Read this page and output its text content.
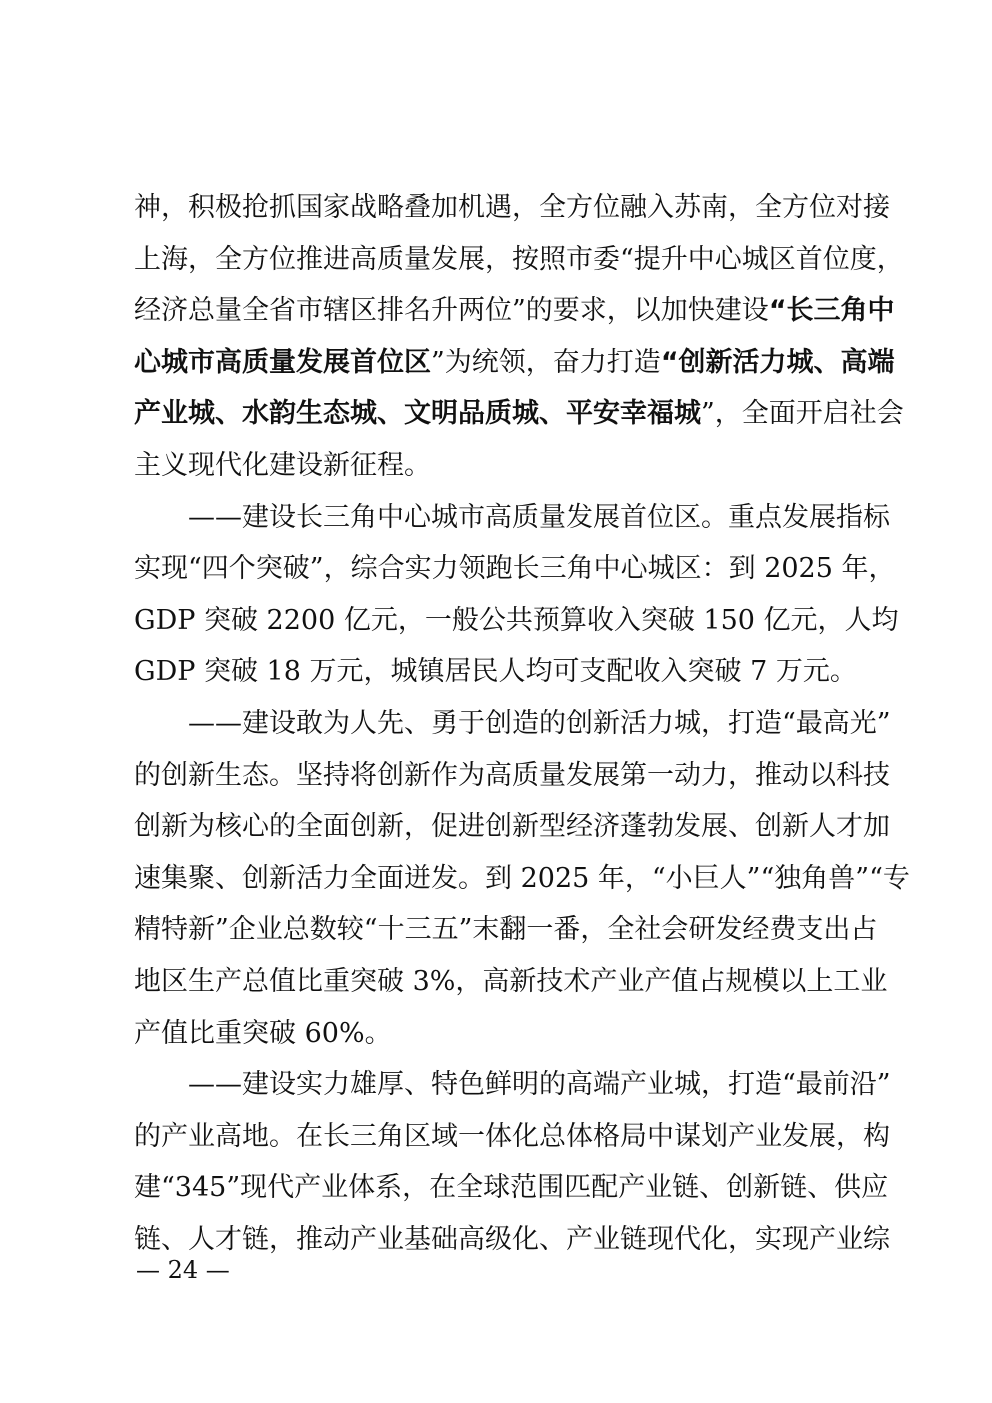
神，积极抢抓国家战略叠加机遇，全方位融入苏南，全方位对接
上海，全方位推进高质量发展，按照市委“提升中心城区首位度，
经济总量全省市辖区排名升两位”的要求，以加快建设“长三角中
心城市高质量发展首位区”为统领，奋力打造“创新活力城、高端
产业城、水韵生态城、文明品质城、平安幸福城”，全面开启社会
主义现代化建设新征程。
——建设长三角中心城市高质量发展首位区。重点发展指标
实现“四个突破”，综合实力领跑长三角中心城区：到 2025 年，
GDP 突破 2200 亿元，一般公共预算收入突破 150 亿元，人均
GDP 突破 18 万元，城镇居民人均可支配收入突破 7 万元。
——建设敢为人先、勇于创造的创新活力城，打造“最高光”
的创新生态。坚持将创新作为高质量发展第一动力，推动以科技
创新为核心的全面创新，促进创新型经济蓬勃发展、创新人才加
速集聚、创新活力全面迸发。到 2025 年，“小巨人”“独角兽”“专
精特新”企业总数较“十三五”末翻一番，全社会研发经费支出占
地区生产总值比重突破 3%，高新技术产业产值占规模以上工业
产值比重突破 60%。
——建设实力雄厚、特色鲜明的高端产业城，打造“最前沿”
的产业高地。在长三角区域一体化总体格局中谋划产业发展，构
建“345”现代产业体系，在全球范围匹配产业链、创新链、供应
链、人才链，推动产业基础高级化、产业链现代化，实现产业综
— 24 —
